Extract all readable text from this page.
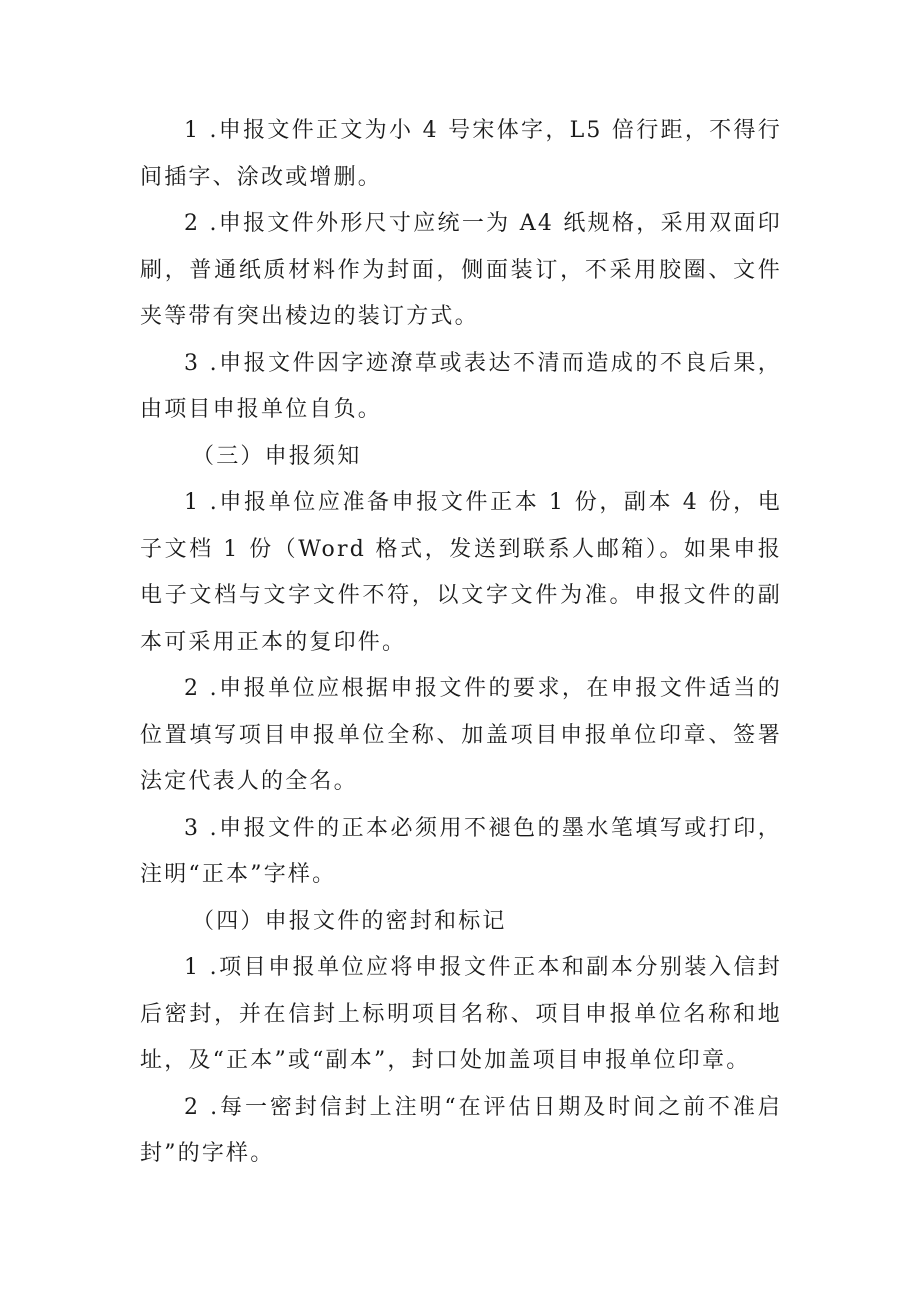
1 .申报文件正文为小 4 号宋体字，L5 倍行距，不得行间插字、涂改或增删。

2 .申报文件外形尺寸应统一为 A4 纸规格，采用双面印刷，普通纸质材料作为封面，侧面装订，不采用胶圈、文件夹等带有突出棱边的装订方式。

3 .申报文件因字迹潦草或表达不清而造成的不良后果，由项目申报单位自负。

（三）申报须知

1 .申报单位应准备申报文件正本 1 份，副本 4 份，电子文档 1 份（Word 格式，发送到联系人邮箱）。如果申报电子文档与文字文件不符，以文字文件为准。申报文件的副本可采用正本的复印件。

2 .申报单位应根据申报文件的要求，在申报文件适当的位置填写项目申报单位全称、加盖项目申报单位印章、签署法定代表人的全名。

3 .申报文件的正本必须用不褪色的墨水笔填写或打印，注明“正本”字样。

（四）申报文件的密封和标记

1 .项目申报单位应将申报文件正本和副本分别装入信封后密封，并在信封上标明项目名称、项目申报单位名称和地址，及“正本”或“副本”，封口处加盖项目申报单位印章。

2 .每一密封信封上注明“在评估日期及时间之前不准启封”的字样。
